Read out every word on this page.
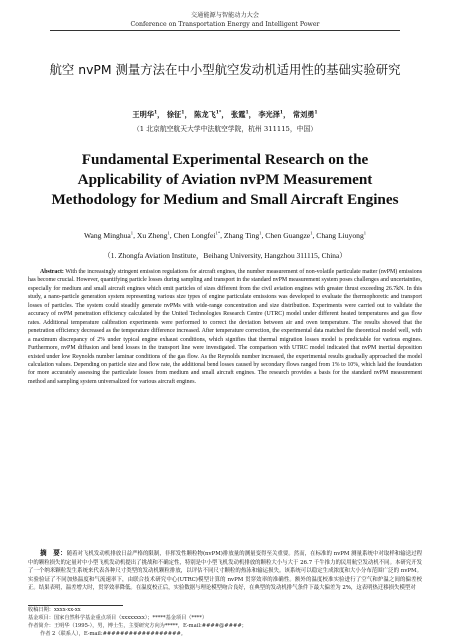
交通能源与智能动力大会
Conference on Transportation Energy and Intelligent Power
航空 nvPM 测量方法在中小型航空发动机适用性的基础实验研究
王明华$^1$， 徐征$^1$， 陈龙飞$^{1*}$， 张霆$^1$， 李光泽$^1$， 常刘勇$^1$
（1 北京航空航天大学中法航空学院，杭州 311115，中国）
Fundamental Experimental Research on the Applicability of Aviation nvPM Measurement Methodology for Medium and Small Aircraft Engines
Wang Minghua$^1$, Xu Zheng$^1$, Chen Longfei$^{1*}$, Zhang Ting$^1$, Chen Guangze$^1$, Chang Liuyong$^1$
（1. Zhongfa Aviation Institute，Beihang University, Hangzhou 311115, China）
Abstract: With the increasingly stringent emission regulations for aircraft engines, the number measurement of non-volatile particulate matter (nvPM) emissions has become crucial. However, quantifying particle losses during sampling and transport in the standard nvPM measurement system poses challenges and uncertainties, especially for medium and small aircraft engines which emit particles of sizes different from the civil aviation engines with greater thrust exceeding 26.7kN. In this study, a nano-particle generation system representing various size types of engine particulate emissions was developed to evaluate the thermophoretic and transport losses of particles. The system could steadily generate nvPMs with wide-range concentration and size distribution. Experiments were carried out to validate the accuracy of nvPM penetration efficiency calculated by the United Technologies Research Centre (UTRC) model under different heated temperatures and gas flow rates. Additional temperature calibration experiments were performed to correct the deviation between air and oven temperature. The results showed that the penetration efficiency decreased as the temperature difference increased. After temperature correction, the experimental data matched the theoretical model well, with a maximum discrepancy of 2% under typical engine exhaust conditions, which signifies that thermal migration losses model is predictable for various engines. Furthermore, nvPM diffusion and bend losses in the transport line were investigated. The comparison with UTRC model indicated that nvPM inertial deposition existed under low Reynolds number laminar conditions of the gas flow. As the Reynolds number increased, the experimental results gradually approached the model calculation values. Depending on particle size and flow rate, the additional bend losses caused by secondary flows ranged from 1% to 10%, which laid the foundation for more accurately assessing the particulate losses from medium and small aircraft engines. The research provides a basis for the standard nvPM measurement method and sampling system universalized for various aircraft engines.
摘　要：随着对飞机发动机排放日益严格的限制，非挥发性颗粒物(nvPM)排放量的测量变得至关重要。然而，在标准的 nvPM 测量系统中对取样和输送过程中的颗粒损失的定量对中小型飞机发动机提出了挑战和不确定性，特别是中小型飞机发动机排放的颗粒大小与大于 26.7 千牛推力的民用航空发动机不同。本研究开发了一个纳米颗粒发生系统来代表各种尺寸类型的发动机颗粒排放，以评估不同尺寸颗粒的热泳和输运损失。该系统可以稳定生成浓度和大小分布范围广泛的 nvPM。实验验证了不同加热温度和气流速率下，由联合技术研究中心(UTRC)模型计算的 nvPM 贯穿效率的准确性。额外的温度校准实验进行了空气和炉温之间的偏差校正。结果表明，温差增大时，贯穿效率降低。在温度校正后，实验数据与理论模型吻合良好，在典型的发动机排气条件下最大偏差为 2%，这表明热迁移损失模型对
收稿日期：xxxx-xx-xx
基金项目：国家自然科学基金重点项目（xxxxxxxx）；*****基金项目（****）
作者简介：王明华（1995-），男，博士生，主要研究方向为*****，E-mail:####@####；
作者 2（联系人），E-mail:##################。
